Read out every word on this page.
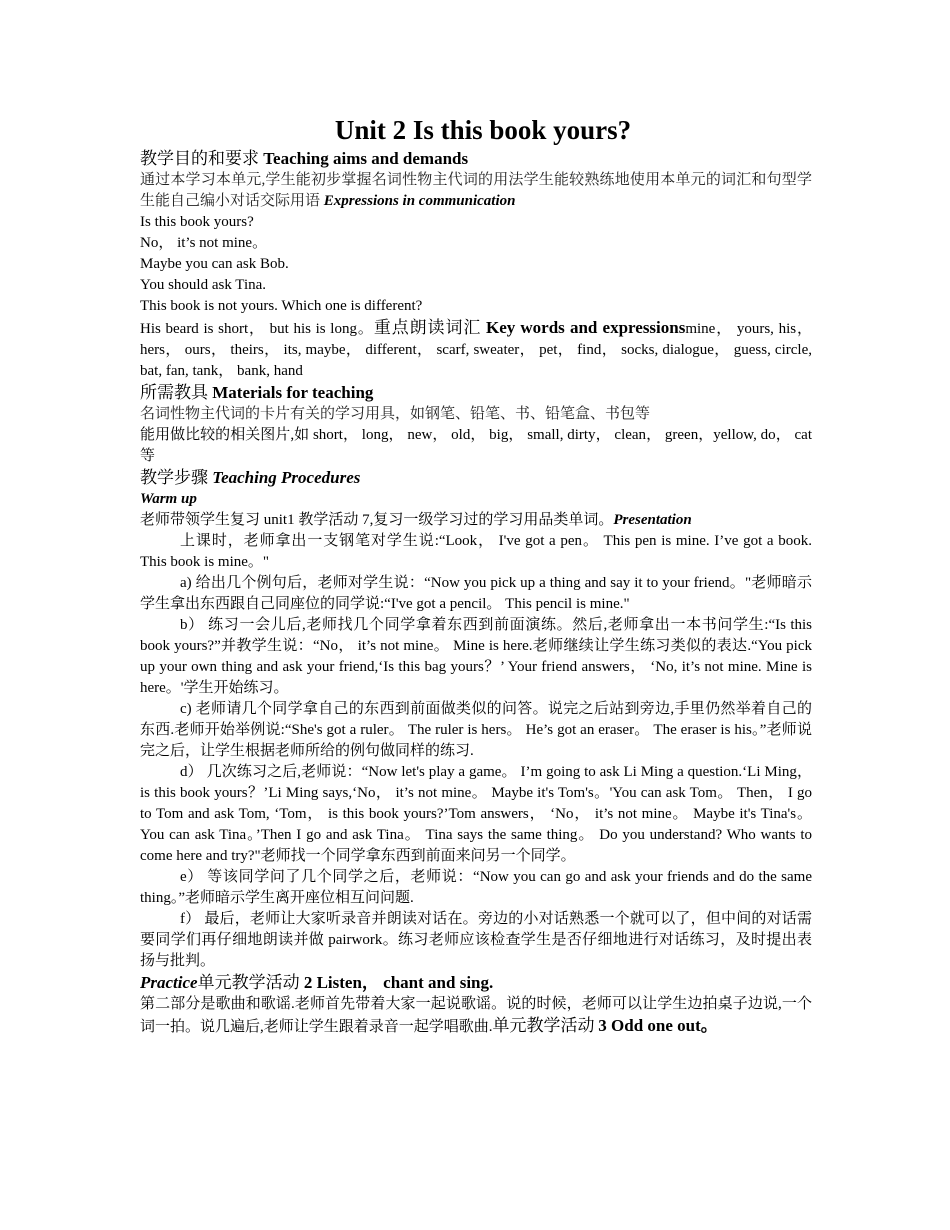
Unit 2 Is this book yours?
教学目的和要求 Teaching aims and demands

通过本学习本单元,学生能初步掌握名词性物主代词的用法学生能较熟练地使用本单元的词汇和句型学生能自己编小对话交际用语 Expressions in communication

Is this book yours?

No， it’s not mine。

Maybe you can ask Bob.

You should ask Tina.

This book is not yours. Which one is different?

His beard is short， but his is long。重点朗读词汇 Key words and expressionsmine， yours, his， hers， ours， theirs， its, maybe， different， scarf, sweater， pet， find， socks, dialogue， guess, circle, bat, fan, tank， bank, hand

所需教具 Materials for teaching

名词性物主代词的卡片有关的学习用具，如钢笔、铅笔、书、铅笔盒、书包等

能用做比较的相关图片,如 short， long， new， old， big， small, dirty， clean， green，yellow, do， cat 等

教学步骤 Teaching Procedures

Warm up

老师带领学生复习 unit1 教学活动 7,复习一级学习过的学习用品类单词。Presentation

上课时，老师拿出一支钢笔对学生说:“Look， I've got a pen。 This pen is mine. I’ve got a book. This book is mine。"

a) 给出几个例句后，老师对学生说：“Now you pick up a thing and say it to your friend。"老师暗示学生拿出东西跟自己同座位的同学说:“I've got a pencil。 This pencil is mine."

b） 练习一会儿后,老师找几个同学拿着东西到前面演练。然后,老师拿出一本书问学生:“Is this book yours?”并教学生说：“No， it’s not mine。 Mine is here.老师继续让学生练习类似的表达.“You pick up your own thing and ask your friend,‘Is this bag yours？’ Your friend answers， ‘No, it’s not mine. Mine is here。'学生开始练习。

c) 老师请几个同学拿自己的东西到前面做类似的问答。说完之后站到旁边,手里仍然举着自己的东西.老师开始举例说:“She's got a ruler。 The ruler is hers。 He’s got an eraser。 The eraser is his。”老师说完之后，让学生根据老师所给的例句做同样的练习.

d） 几次练习之后,老师说：“Now let's play a game。 I’m going to ask Li Ming a question.‘Li Ming， is this book yours？’Li Ming says,‘No， it’s not mine。 Maybe it's Tom's。'You can ask Tom。 Then， I go to Tom and ask Tom, ‘Tom， is this book yours?’Tom answers， ‘No， it’s not mine。 Maybe it's Tina's。 You can ask Tina。’Then I go and ask Tina。 Tina says the same thing。 Do you understand? Who wants to come here and try?"老师找一个同学拿东西到前面来问另一个同学。

e） 等该同学问了几个同学之后，老师说：“Now you can go and ask your friends and do the same thing。”老师暗示学生离开座位相互问问题.

f） 最后，老师让大家听录音并朗读对话在。旁边的小对话熟悉一个就可以了，但中间的对话需要同学们再仔细地朗读并做 pairwork。练习老师应该检查学生是否仔细地进行对话练习，及时提出表扬与批判。

Practice单元教学活动 2 Listen， chant and sing.

第二部分是歌曲和歌谣.老师首先带着大家一起说歌谣。说的时候，老师可以让学生边拍桌子边说,一个词一拍。说几遍后,老师让学生跟着录音一起学唱歌曲.单元教学活动 3 Odd one out。
